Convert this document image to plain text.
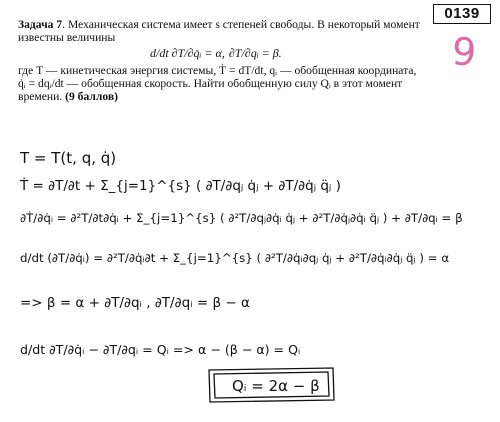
0139
9

Задача 7. Механическая система имеет s степеней свободы. В некоторый момент известны величины

d/dt ∂T/∂q̇ᵢ = α, ∂T/∂qᵢ = β.

где T — кинетическая энергия системы, Ṫ = dT/dt, qᵢ — обобщенная координата, q̇ᵢ = dqᵢ/dt — обобщенная скорость. Найти обобщенную силу Qᵢ в этот момент времени. (9 баллов)

T = T(t, q, q̇)
Ṫ = ∂T/∂t + Σ_{j=1}^{s} ( ∂T/∂qⱼ q̇ⱼ + ∂T/∂q̇ⱼ q̈ⱼ )
∂Ṫ/∂q̇ᵢ = ∂²T/∂t∂q̇ᵢ + Σ_{j=1}^{s} ( ∂²T/∂qⱼ∂q̇ᵢ q̇ⱼ + ∂²T/∂q̇ⱼ∂q̇ᵢ q̈ⱼ ) + ∂T/∂qᵢ = β
d/dt (∂T/∂q̇ᵢ) = ∂²T/∂q̇ᵢ∂t + Σ_{j=1}^{s} ( ∂²T/∂q̇ᵢ∂qⱼ q̇ⱼ + ∂²T/∂q̇ᵢ∂q̇ⱼ q̈ⱼ ) = α
=> β = α + ∂T/∂qᵢ , ∂T/∂qᵢ = β − α
d/dt ∂T/∂q̇ᵢ − ∂T/∂qᵢ = Qᵢ => α − (β − α) = Qᵢ
Qᵢ = 2α − β
